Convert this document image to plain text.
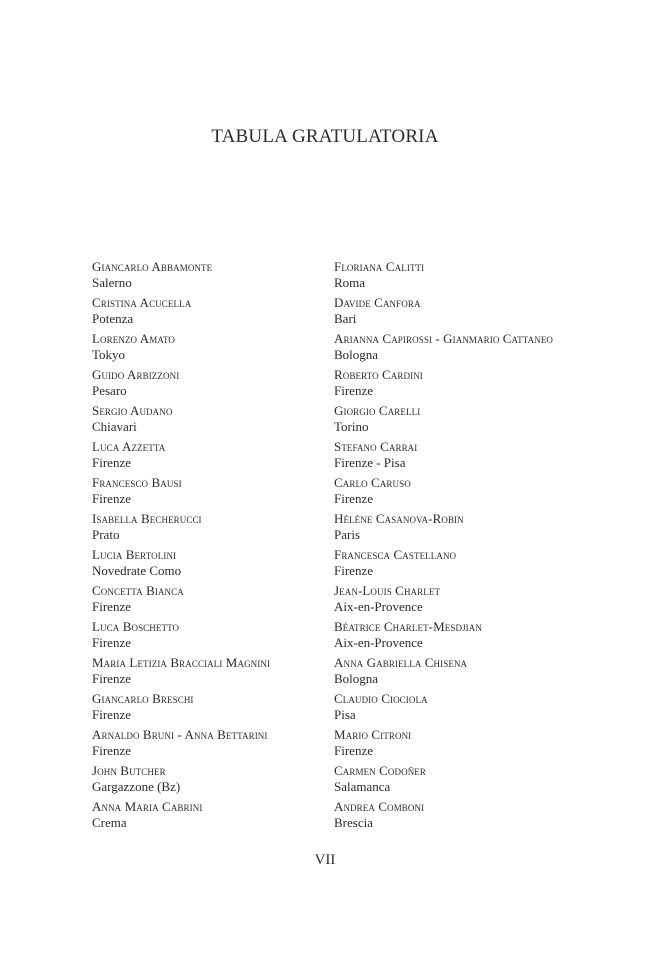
TABULA GRATULATORIA
Giancarlo Abbamonte
Salerno
Cristina Acucella
Potenza
Lorenzo Amato
Tokyo
Guido Arbizzoni
Pesaro
Sergio Audano
Chiavari
Luca Azzetta
Firenze
Francesco Bausi
Firenze
Isabella Becherucci
Prato
Lucia Bertolini
Novedrate Como
Concetta Bianca
Firenze
Luca Boschetto
Firenze
Maria Letizia Bracciali Magnini
Firenze
Giancarlo Breschi
Firenze
Arnaldo Bruni - Anna Bettarini
Firenze
John Butcher
Gargazzone (Bz)
Anna Maria Cabrini
Crema
Floriana Calitti
Roma
Davide Canfora
Bari
Arianna Capirossi - Gianmario Cattaneo
Bologna
Roberto Cardini
Firenze
Giorgio Carelli
Torino
Stefano Carrai
Firenze - Pisa
Carlo Caruso
Firenze
Hélène Casanova-Robin
Paris
Francesca Castellano
Firenze
Jean-Louis Charlet
Aix-en-Provence
Béatrice Charlet-Mesdjian
Aix-en-Provence
Anna Gabriella Chisena
Bologna
Claudio Ciociola
Pisa
Mario Citroni
Firenze
Carmen Codoñer
Salamanca
Andrea Comboni
Brescia
VII
